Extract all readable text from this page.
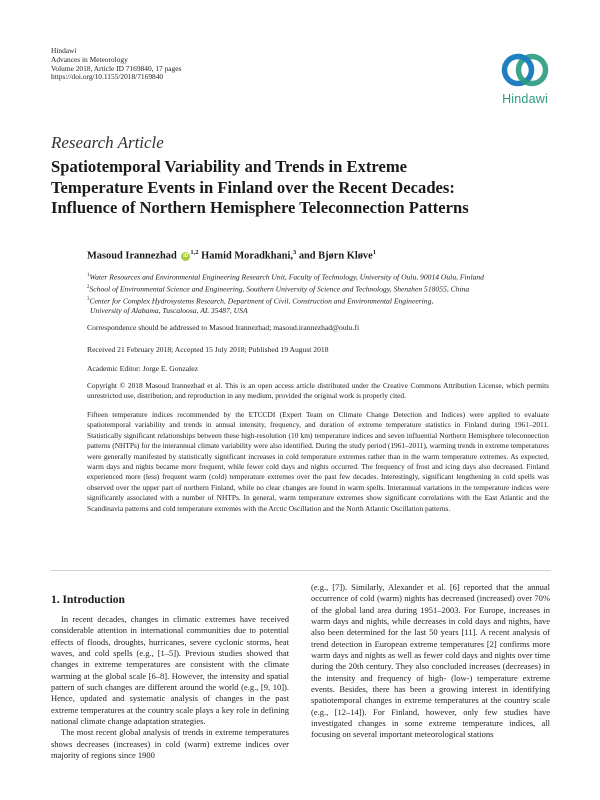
Hindawi
Advances in Meteorology
Volume 2018, Article ID 7169840, 17 pages
https://doi.org/10.1155/2018/7169840
Hindawi
Research Article
Spatiotemporal Variability and Trends in Extreme
Temperature Events in Finland over the Recent Decades:
Influence of Northern Hemisphere Teleconnection Patterns
Masoud Irannezhad iD $^{1,2}$ Hamid Moradkhani,$^3$ and Bjørn Kløve$^1$
$^1$Water Resources and Environmental Engineering Research Unit, Faculty of Technology, University of Oulu, 90014 Oulu, Finland
$^2$School of Environmental Science and Engineering, Southern University of Science and Technology, Shenzhen 518055, China
$^3$Center for Complex Hydrosystems Research, Department of Civil, Construction and Environmental Engineering,
University of Alabama, Tuscaloosa, AL 35487, USA
Correspondence should be addressed to Masoud Irannezhad; masoud.irannezhad@oulu.fi
Received 21 February 2018; Accepted 15 July 2018; Published 19 August 2018
Academic Editor: Jorge E. Gonzalez
Copyright © 2018 Masoud Irannezhad et al. This is an open access article distributed under the Creative Commons Attribution License, which permits unrestricted use, distribution, and reproduction in any medium, provided the original work is properly cited.
Fifteen temperature indices recommended by the ETCCDI (Expert Team on Climate Change Detection and Indices) were applied to evaluate spatiotemporal variability and trends in annual intensity, frequency, and duration of extreme temperature statistics in Finland during 1961–2011. Statistically significant relationships between these high-resolution (10 km) temperature indices and seven influential Northern Hemisphere teleconnection patterns (NHTPs) for the interannual climate variability were also identified. During the study period (1961–2011), warming trends in extreme temperatures were generally manifested by statistically significant increases in cold temperature extremes rather than in the warm temperature extremes. As expected, warm days and nights became more frequent, while fewer cold days and nights occurred. The frequency of frost and icing days also decreased. Finland experienced more (less) frequent warm (cold) temperature extremes over the past few decades. Interestingly, significant lengthening in cold spells was observed over the upper part of northern Finland, while no clear changes are found in warm spells. Interannual variations in the temperature indices were significantly associated with a number of NHTPs. In general, warm temperature extremes show significant correlations with the East Atlantic and the Scandinavia patterns and cold temperature extremes with the Arctic Oscillation and the North Atlantic Oscillation patterns.
1. Introduction

In recent decades, changes in climatic extremes have received considerable attention in international communities due to potential effects of floods, droughts, hurricanes, severe cyclonic storms, heat waves, and cold spells (e.g., [1–5]). Previous studies showed that changes in extreme temperatures are consistent with the climate warming at the global scale [6–8]. However, the intensity and spatial pattern of such changes are different around the world (e.g., [9, 10]). Hence, updated and systematic analysis of changes in the past extreme temperatures at the country scale plays a key role in defining national climate change adaptation strategies.

The most recent global analysis of trends in extreme temperatures shows decreases (increases) in cold (warm) extreme indices over majority of regions since 1900

(e.g., [7]). Similarly, Alexander et al. [6] reported that the annual occurrence of cold (warm) nights has decreased (increased) over 70% of the global land area during 1951–2003. For Europe, increases in warm days and nights, while decreases in cold days and nights, have also been determined for the last 50 years [11]. A recent analysis of trend detection in European extreme temperatures [2] confirms more warm days and nights as well as fewer cold days and nights over time during the 20th century. They also concluded increases (decreases) in the intensity and frequency of high- (low-) temperature extreme events. Besides, there has been a growing interest in identifying spatiotemporal changes in extreme temperatures at the country scale (e.g., [12–14]). For Finland, however, only few studies have investigated changes in some extreme temperature indices, all focusing on several important meteorological stations
